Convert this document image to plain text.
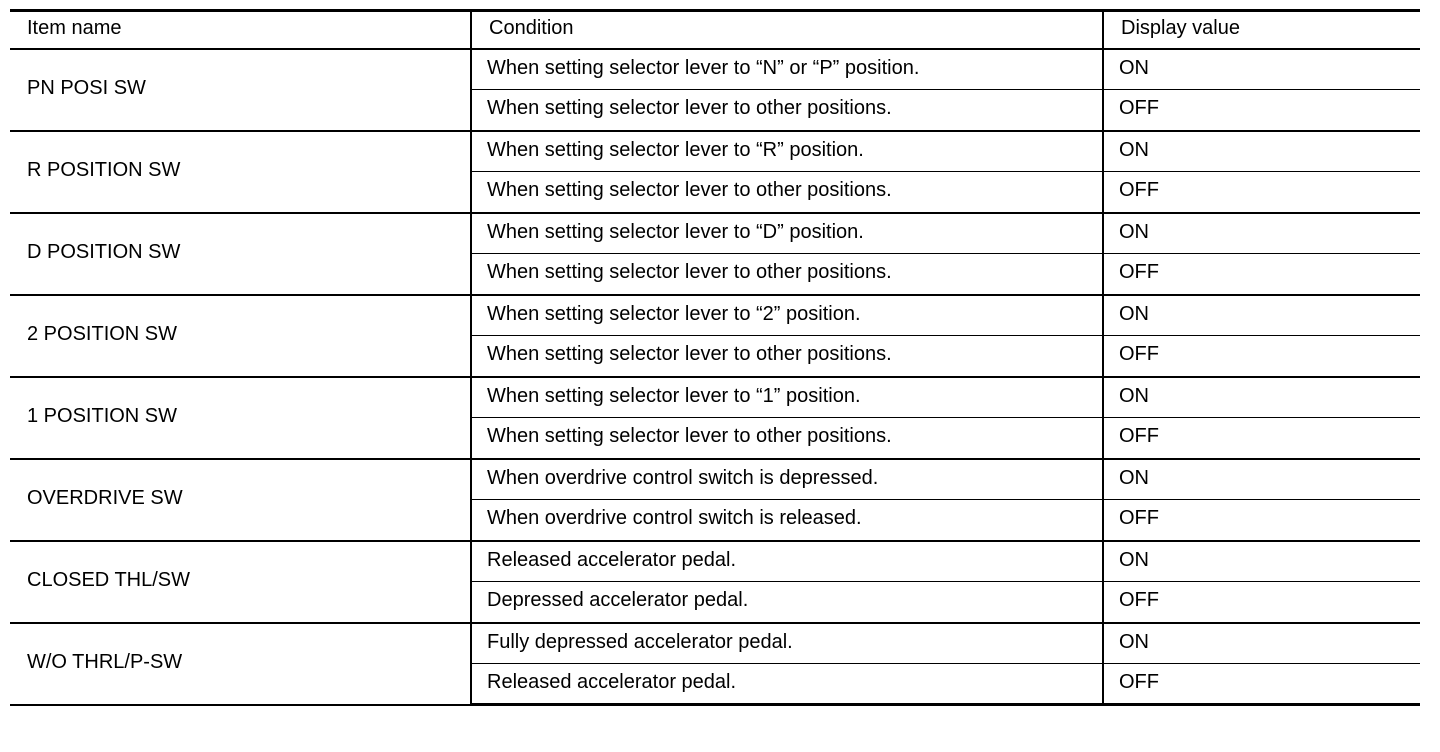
Item name	Condition	Display value
PN POSI SW	When setting selector lever to “N” or “P” position.	ON
	When setting selector lever to other positions.	OFF
R POSITION SW	When setting selector lever to “R” position.	ON
	When setting selector lever to other positions.	OFF
D POSITION SW	When setting selector lever to “D” position.	ON
	When setting selector lever to other positions.	OFF
2 POSITION SW	When setting selector lever to “2” position.	ON
	When setting selector lever to other positions.	OFF
1 POSITION SW	When setting selector lever to “1” position.	ON
	When setting selector lever to other positions.	OFF
OVERDRIVE SW	When overdrive control switch is depressed.	ON
	When overdrive control switch is released.	OFF
CLOSED THL/SW	Released accelerator pedal.	ON
	Depressed accelerator pedal.	OFF
W/O THRL/P-SW	Fully depressed accelerator pedal.	ON
	Released accelerator pedal.	OFF
